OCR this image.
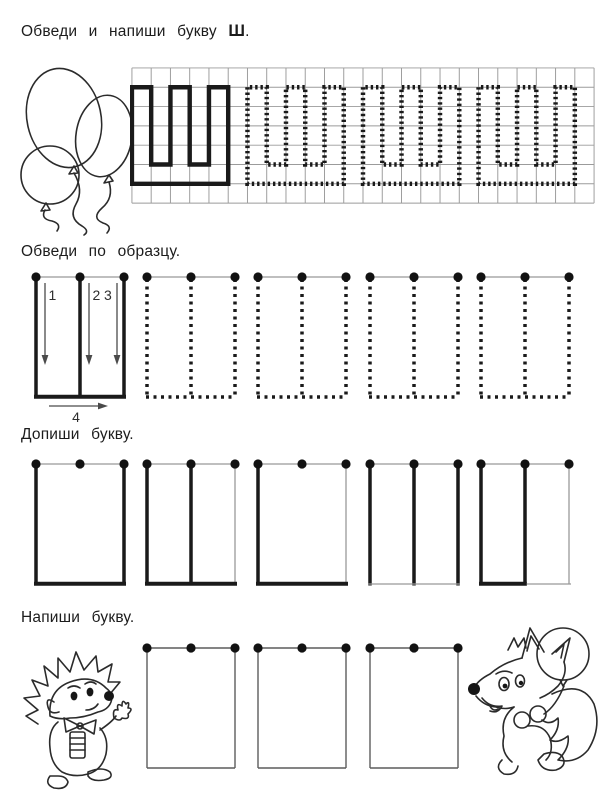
Обведи и напиши букву Ш.
Обведи по образцу.
1	2 3
4
Допиши букву.
Напиши букву.
